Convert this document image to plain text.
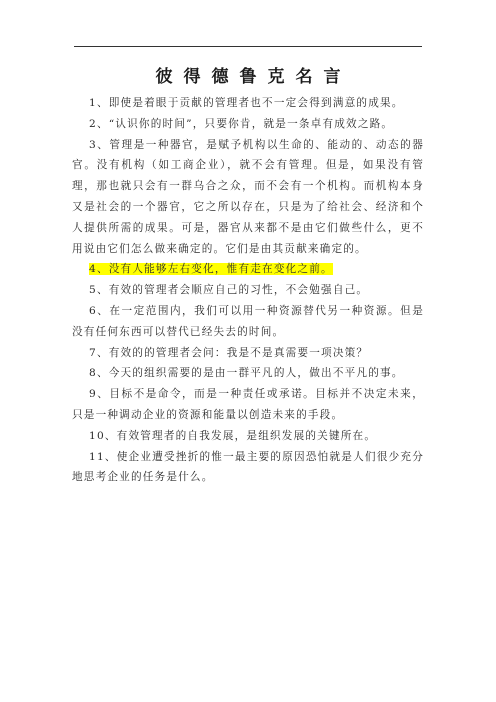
彼得德鲁克名言
1、即使是着眼于贡献的管理者也不一定会得到满意的成果。
2、“认识你的时间”，只要你肯，就是一条卓有成效之路。
3、管理是一种器官，是赋予机构以生命的、能动的、动态的器官。没有机构（如工商企业），就不会有管理。但是，如果没有管理，那也就只会有一群乌合之众，而不会有一个机构。而机构本身又是社会的一个器官，它之所以存在，只是为了给社会、经济和个人提供所需的成果。可是，器官从来都不是由它们做些什么，更不用说由它们怎么做来确定的。它们是由其贡献来确定的。
4、没有人能够左右变化，惟有走在变化之前。
5、有效的管理者会顺应自己的习性，不会勉强自己。
6、在一定范围内，我们可以用一种资源替代另一种资源。但是没有任何东西可以替代已经失去的时间。
7、有效的的管理者会问：我是不是真需要一项决策？
8、今天的组织需要的是由一群平凡的人，做出不平凡的事。
9、目标不是命令，而是一种责任或承诺。目标并不决定未来，只是一种调动企业的资源和能量以创造未来的手段。
10、有效管理者的自我发展，是组织发展的关键所在。
11、使企业遭受挫折的惟一最主要的原因恐怕就是人们很少充分地思考企业的任务是什么。
